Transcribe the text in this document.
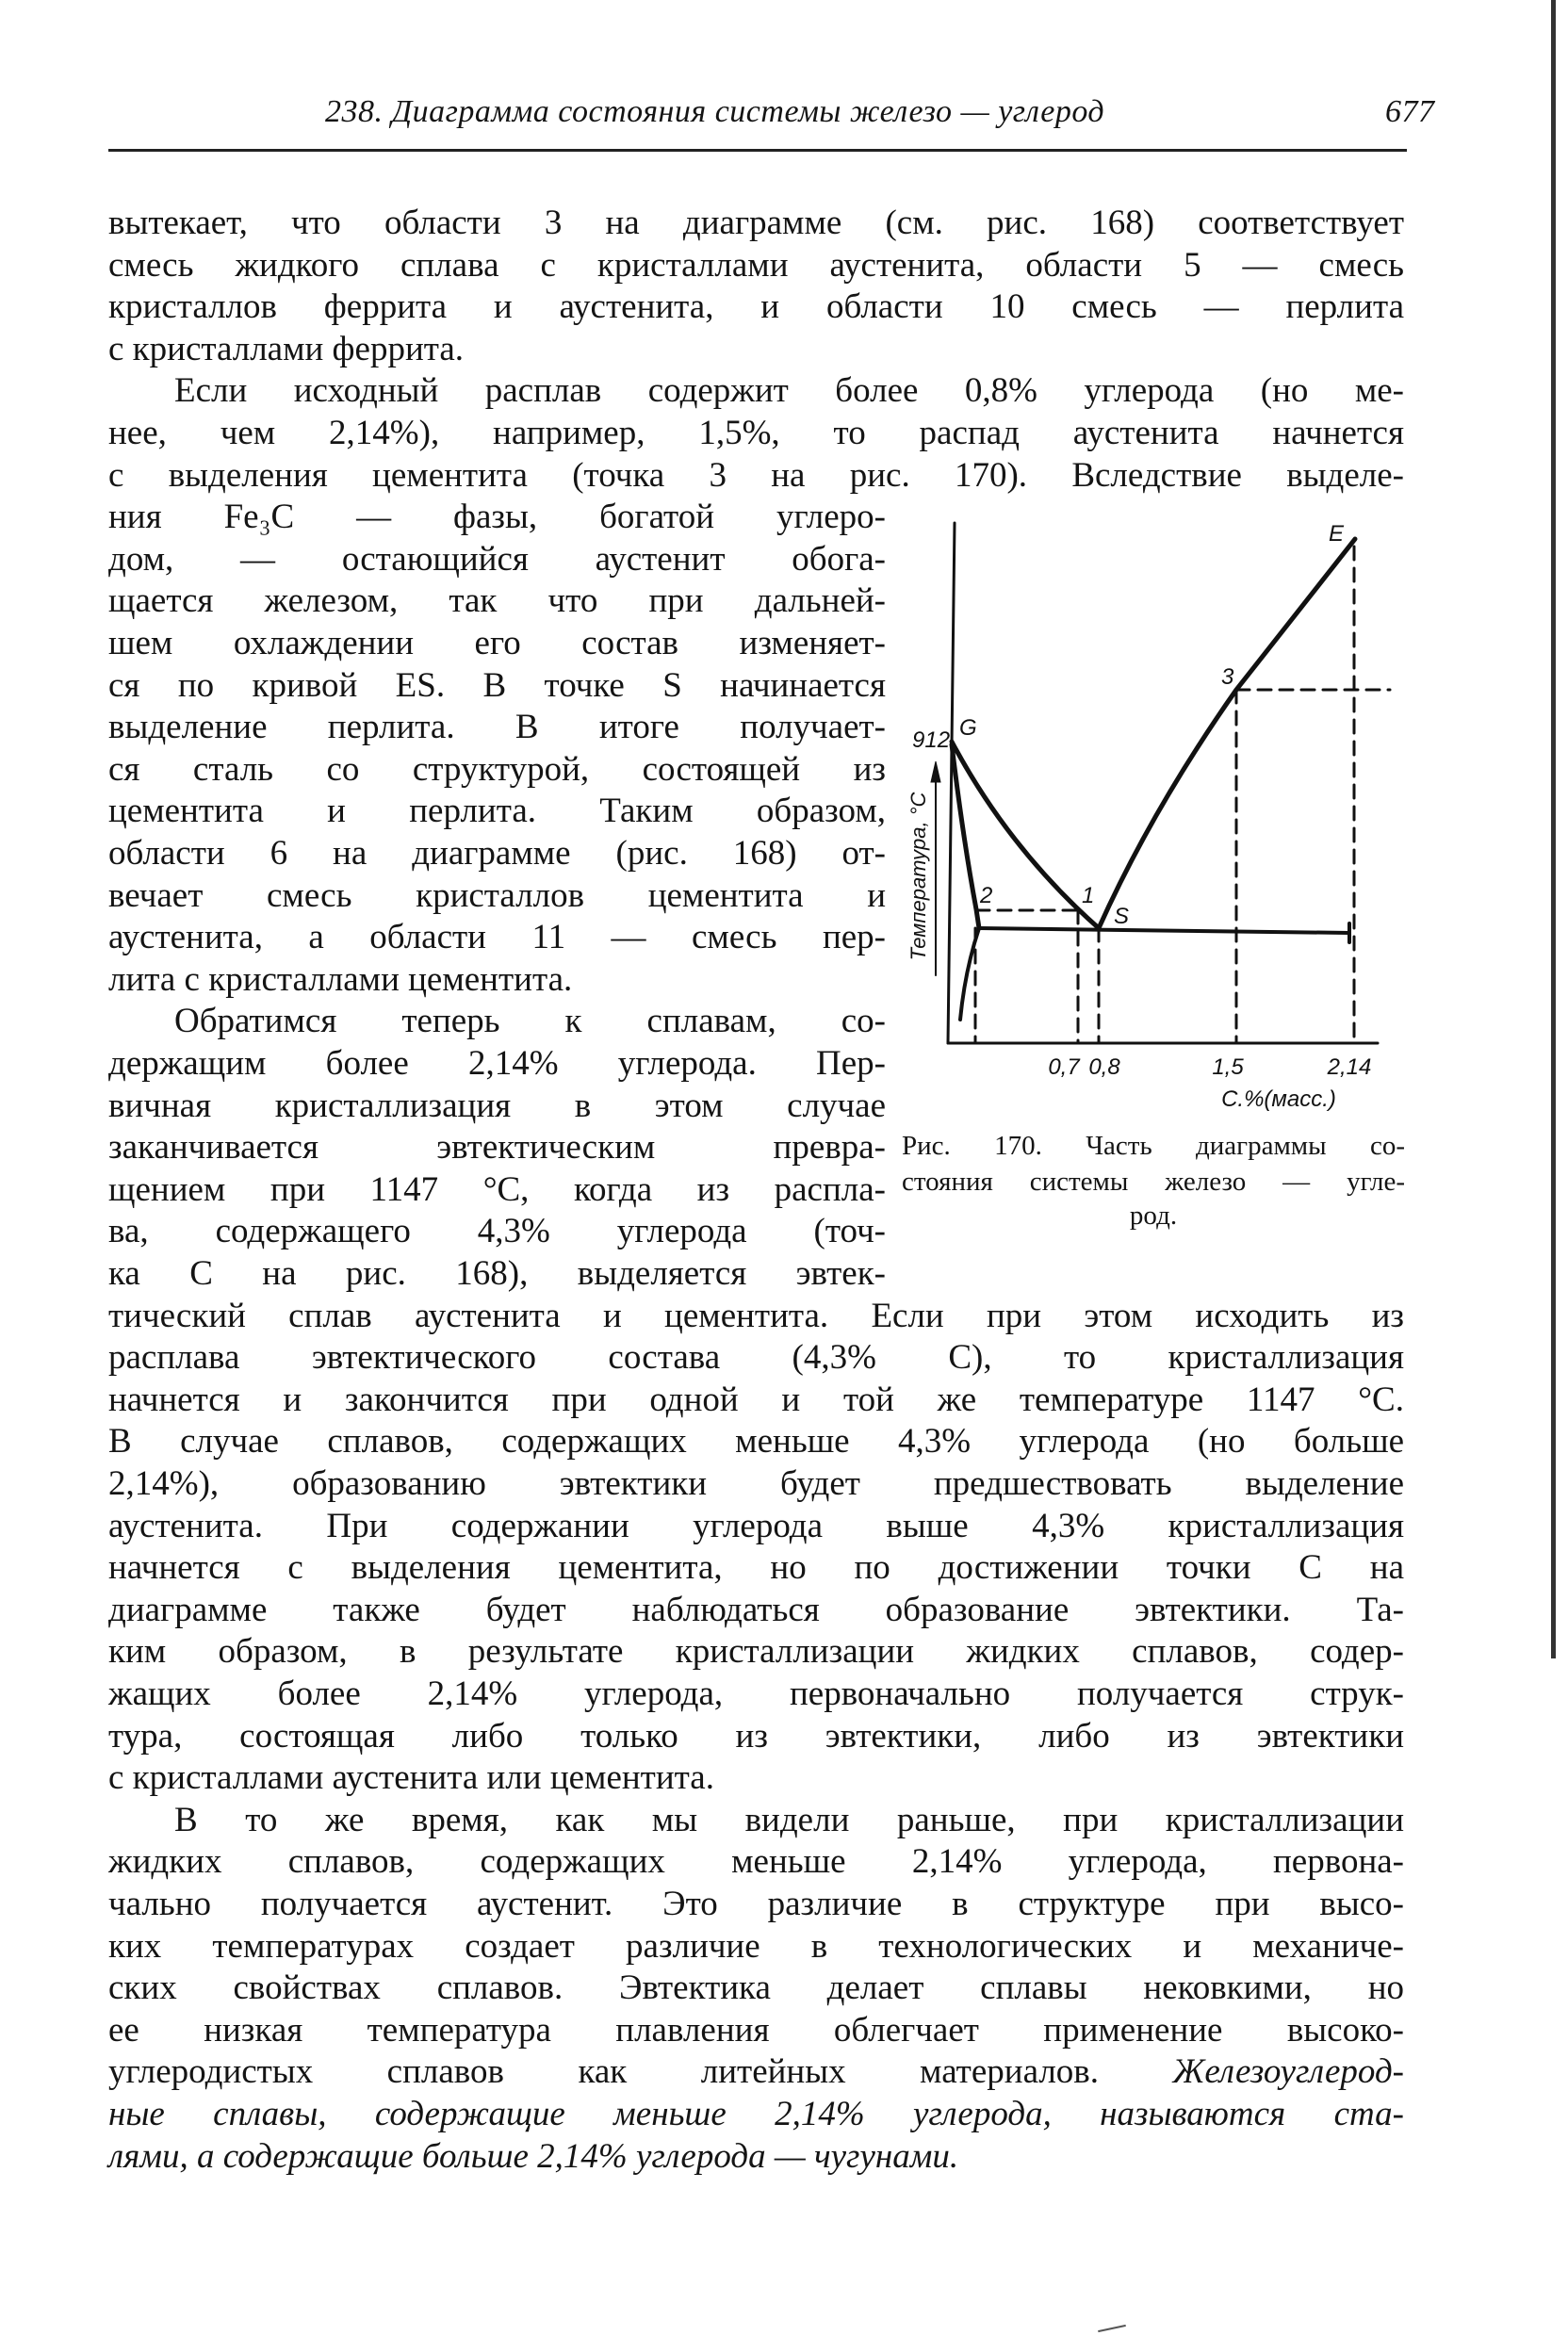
238. Диаграмма состояния системы железо — углерод	677
вытекает, что области 3 на диаграмме (см. рис. 168) соответствует
смесь жидкого сплава с кристаллами аустенита, области 5 — смесь
кристаллов феррита и аустенита, и области 10 смесь — перлита
с кристаллами феррита.
Если исходный расплав содержит более 0,8% углерода (но ме-
нее, чем 2,14%), например, 1,5%, то распад аустенита начнется
с выделения цементита (точка 3 на рис. 170). Вследствие выделе-
ния Fe₃C — фазы, богатой углеро-
дом, — остающийся аустенит обога-
щается железом, так что при дальней-
шем охлаждении его состав изменяет-
ся по кривой ES. В точке S начинается
выделение перлита. В итоге получает-
ся сталь со структурой, состоящей из
цементита и перлита. Таким образом,
области 6 на диаграмме (рис. 168) от-
вечает смесь кристаллов цементита и
аустенита, а области 11 — смесь пер-
лита с кристаллами цементита.
Обратимся теперь к сплавам, со-
держащим более 2,14% углерода. Пер-
вичная кристаллизация в этом случае
заканчивается эвтектическим превра-
щением при 1147 °С, когда из распла-
ва, содержащего 4,3% углерода (точ-
ка С на рис. 168), выделяется эвтек-
тический сплав аустенита и цементита. Если при этом исходить из
расплава эвтектического состава (4,3% С), то кристаллизация
начнется и закончится при одной и той же температуре 1147 °С.
В случае сплавов, содержащих меньше 4,3% углерода (но больше
2,14%), образованию эвтектики будет предшествовать выделение
аустенита. При содержании углерода выше 4,3% кристаллизация
начнется с выделения цементита, но по достижении точки С на
диаграмме также будет наблюдаться образование эвтектики. Та-
ким образом, в результате кристаллизации жидких сплавов, содер-
жащих более 2,14% углерода, первоначально получается струк-
тура, состоящая либо только из эвтектики, либо из эвтектики
с кристаллами аустенита или цементита.
В то же время, как мы видели раньше, при кристаллизации
жидких сплавов, содержащих меньше 2,14% углерода, первона-
чально получается аустенит. Это различие в структуре при высо-
ких температурах создает различие в технологических и механиче-
ских свойствах сплавов. Эвтектика делает сплавы нековкими, но
ее низкая температура плавления облегчает применение высоко-
углеродистых сплавов как литейных материалов. Железоуглерод-
ные сплавы, содержащие меньше 2,14% углерода, называются ста-
лями, а содержащие больше 2,14% углерода — чугунами.
912 G
E
S
1
2
3
0,7 0,8	1,5	2,14
С.%(масс.)
Температура, °С
Рис. 170. Часть диаграммы со-
стояния системы железо — угле-
род.
